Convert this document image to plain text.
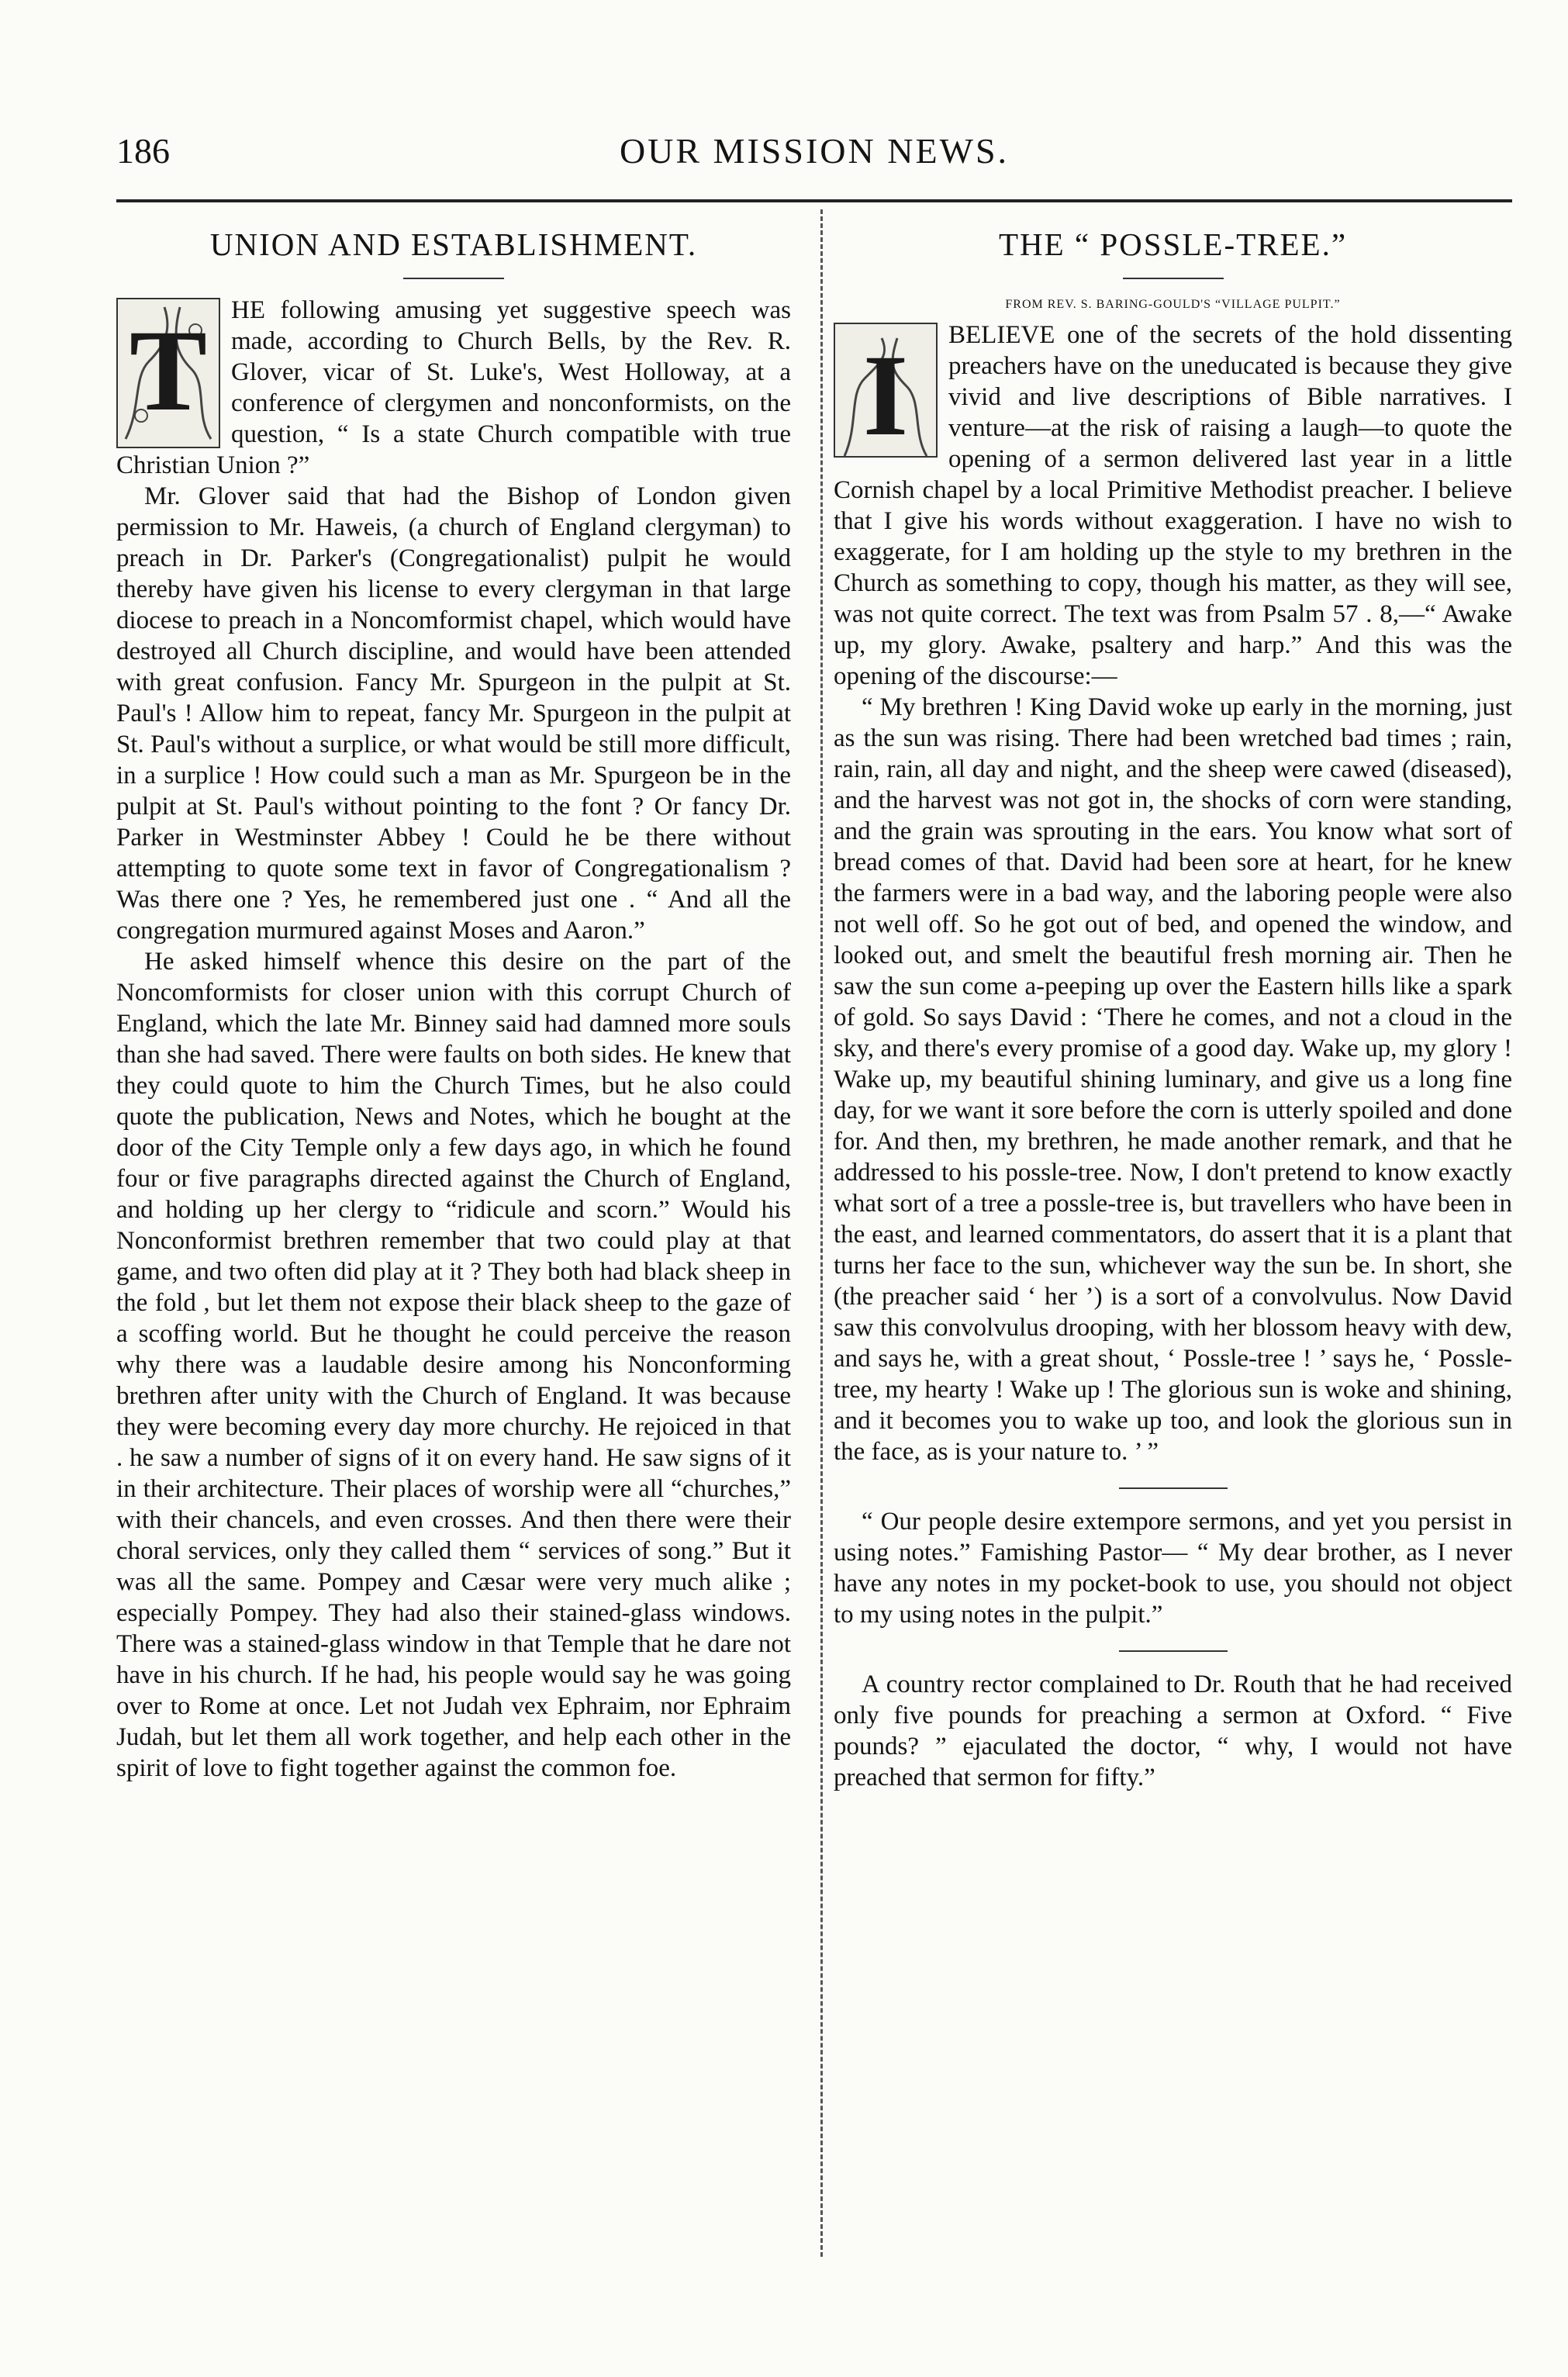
186	OUR MISSION NEWS.
UNION AND ESTABLISHMENT.
T HE following amusing yet suggestive speech was made, according to Church Bells, by the Rev. R. Glover, vicar of St. Luke's, West Holloway, at a conference of clergymen and nonconformists, on the question, “ Is a state Church compatible with true Christian Union ?”

Mr. Glover said that had the Bishop of London given permission to Mr. Haweis, (a church of England clergyman) to preach in Dr. Parker's (Congregationalist) pulpit he would thereby have given his license to every clergyman in that large diocese to preach in a Noncomformist chapel, which would have destroyed all Church discipline, and would have been attended with great confusion. Fancy Mr. Spurgeon in the pulpit at St. Paul's ! Allow him to repeat, fancy Mr. Spurgeon in the pulpit at St. Paul's without a surplice, or what would be still more difficult, in a surplice ! How could such a man as Mr. Spurgeon be in the pulpit at St. Paul's without pointing to the font ? Or fancy Dr. Parker in Westminster Abbey ! Could he be there without attempting to quote some text in favor of Congregationalism ? Was there one ? Yes, he remembered just one . “ And all the congregation murmured against Moses and Aaron.”

He asked himself whence this desire on the part of the Noncomformists for closer union with this corrupt Church of England, which the late Mr. Binney said had damned more souls than she had saved. There were faults on both sides. He knew that they could quote to him the Church Times, but he also could quote the publication, News and Notes, which he bought at the door of the City Temple only a few days ago, in which he found four or five paragraphs directed against the Church of England, and holding up her clergy to “ridicule and scorn.” Would his Nonconformist brethren remember that two could play at that game, and two often did play at it ? They both had black sheep in the fold , but let them not expose their black sheep to the gaze of a scoffing world. But he thought he could perceive the reason why there was a laudable desire among his Nonconforming brethren after unity with the Church of England. It was because they were becoming every day more churchy. He rejoiced in that . he saw a number of signs of it on every hand. He saw signs of it in their architecture. Their places of worship were all “churches,” with their chancels, and even crosses. And then there were their choral services, only they called them “ services of song.” But it was all the same. Pompey and Cæsar were very much alike ; especially Pompey. They had also their stained-glass windows. There was a stained-glass window in that Temple that he dare not have in his church. If he had, his people would say he was going over to Rome at once. Let not Judah vex Ephraim, nor Ephraim Judah, but let them all work together, and help each other in the spirit of love to fight together against the common foe.

THE “ POSSLE-TREE.”
FROM REV. S. BARING-GOULD'S “VILLAGE PULPIT.”
I	BELIEVE one of the secrets of the hold dissenting preachers have on the uneducated is because they give vivid and live descriptions of Bible narratives. I venture—at the risk of raising a laugh—to quote the opening of a sermon delivered last year in a little Cornish chapel by a local Primitive Methodist preacher. I believe that I give his words without exaggeration. I have no wish to exaggerate, for I am holding up the style to my brethren in the Church as something to copy, though his matter, as they will see, was not quite correct. The text was from Psalm 57 . 8,—“ Awake up, my glory. Awake, psaltery and harp.” And this was the opening of the discourse:—

“ My brethren ! King David woke up early in the morning, just as the sun was rising. There had been wretched bad times ; rain, rain, rain, all day and night, and the sheep were cawed (diseased), and the harvest was not got in, the shocks of corn were standing, and the grain was sprouting in the ears. You know what sort of bread comes of that. David had been sore at heart, for he knew the farmers were in a bad way, and the laboring people were also not well off. So he got out of bed, and opened the window, and looked out, and smelt the beautiful fresh morning air. Then he saw the sun come a-peeping up over the Eastern hills like a spark of gold. So says David : ‘There he comes, and not a cloud in the sky, and there's every promise of a good day. Wake up, my glory ! Wake up, my beautiful shining luminary, and give us a long fine day, for we want it sore before the corn is utterly spoiled and done for. And then, my brethren, he made another remark, and that he addressed to his possle-tree. Now, I don't pretend to know exactly what sort of a tree a possle-tree is, but travellers who have been in the east, and learned commentators, do assert that it is a plant that turns her face to the sun, whichever way the sun be. In short, she (the preacher said ‘ her ’) is a sort of a convolvulus. Now David saw this convolvulus drooping, with her blossom heavy with dew, and says he, with a great shout, ‘ Possle-tree ! ’ says he, ‘ Possle-tree, my hearty ! Wake up ! The glorious sun is woke and shining, and it becomes you to wake up too, and look the glorious sun in the face, as is your nature to. ’ ”

“ Our people desire extempore sermons, and yet you persist in using notes.” Famishing Pastor— “ My dear brother, as I never have any notes in my pocket-book to use, you should not object to my using notes in the pulpit.”

A country rector complained to Dr. Routh that he had received only five pounds for preaching a sermon at Oxford. “ Five pounds? ” ejaculated the doctor, “ why, I would not have preached that sermon for fifty.”
